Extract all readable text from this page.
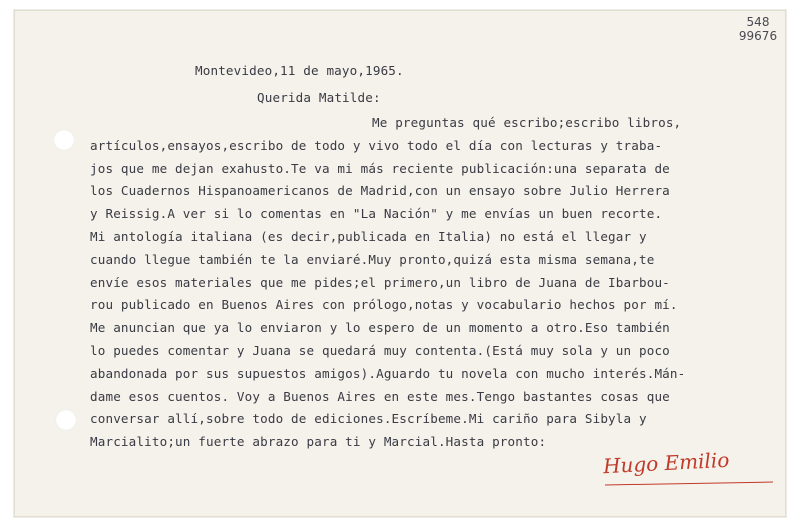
548
99676
Montevideo,11 de mayo,1965.
Querida Matilde:
Me preguntas qué escribo;escribo libros,
artículos,ensayos,escribo de todo y vivo todo el día con lecturas y traba-
jos que me dejan exahusto.Te va mi más reciente publicación:una separata de
los Cuadernos Hispanoamericanos de Madrid,con un ensayo sobre Julio Herrera
y Reissig.A ver si lo comentas en "La Nación" y me envías un buen recorte.
Mi antología italiana (es decir,publicada en Italia) no está el llegar y
cuando llegue también te la enviaré.Muy pronto,quizá esta misma semana,te
envíe esos materiales que me pides;el primero,un libro de Juana de Ibarbou-
rou publicado en Buenos Aires con prólogo,notas y vocabulario hechos por mí.
Me anuncian que ya lo enviaron y lo espero de un momento a otro.Eso también
lo puedes comentar y Juana se quedará muy contenta.(Está muy sola y un poco
abandonada por sus supuestos amigos).Aguardo tu novela con mucho interés.Mán-
dame esos cuentos. Voy a Buenos Aires en este mes.Tengo bastantes cosas que
conversar allí,sobre todo de ediciones.Escríbeme.Mi cariño para Sibyla y
Marcialito;un fuerte abrazo para ti y Marcial.Hasta pronto:
Hugo Emilio
